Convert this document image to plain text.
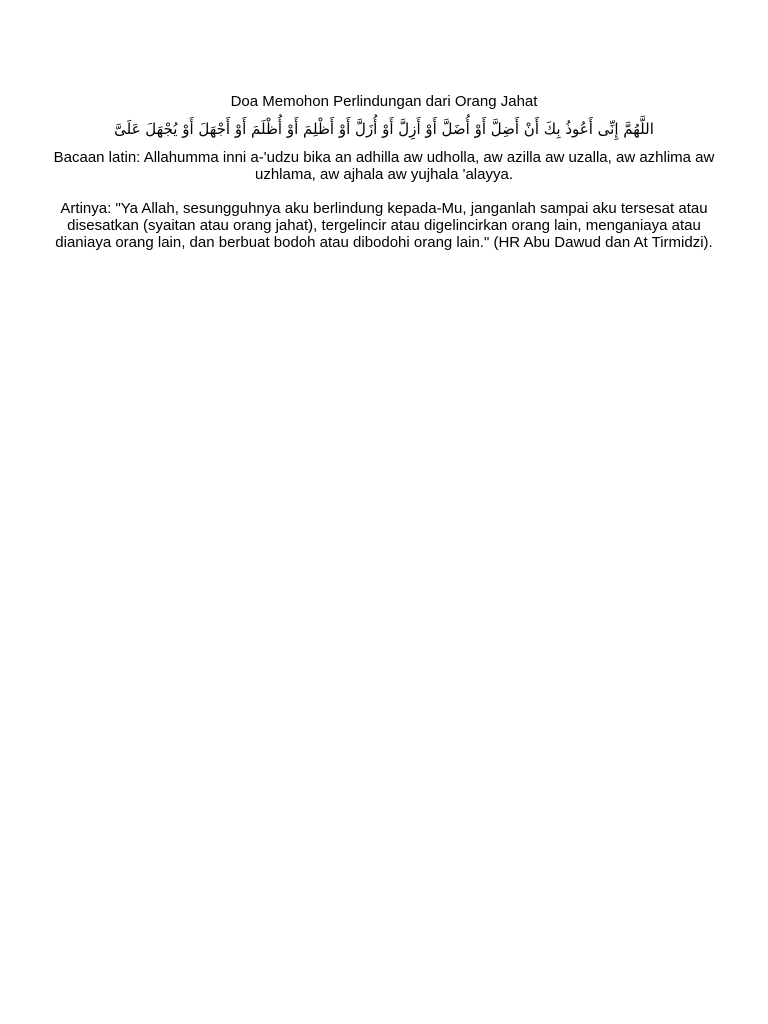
Doa Memohon Perlindungan dari Orang Jahat

اللَّهُمَّ إِنِّى أَعُوذُ بِكَ أَنْ أَضِلَّ أَوْ أُضَلَّ أَوْ أَزِلَّ أَوْ أُزَلَّ أَوْ أَظْلِمَ أَوْ أُظْلَمَ أَوْ أَجْهَلَ أَوْ يُجْهَلَ عَلَىَّ

Bacaan latin: Allahumma inni a-'udzu bika an adhilla aw udholla, aw azilla aw uzalla, aw azhlima aw uzhlama, aw ajhala aw yujhala 'alayya.

Artinya: "Ya Allah, sesungguhnya aku berlindung kepada-Mu, janganlah sampai aku tersesat atau disesatkan (syaitan atau orang jahat), tergelincir atau digelincirkan orang lain, menganiaya atau dianiaya orang lain, dan berbuat bodoh atau dibodohi orang lain." (HR Abu Dawud dan At Tirmidzi).
